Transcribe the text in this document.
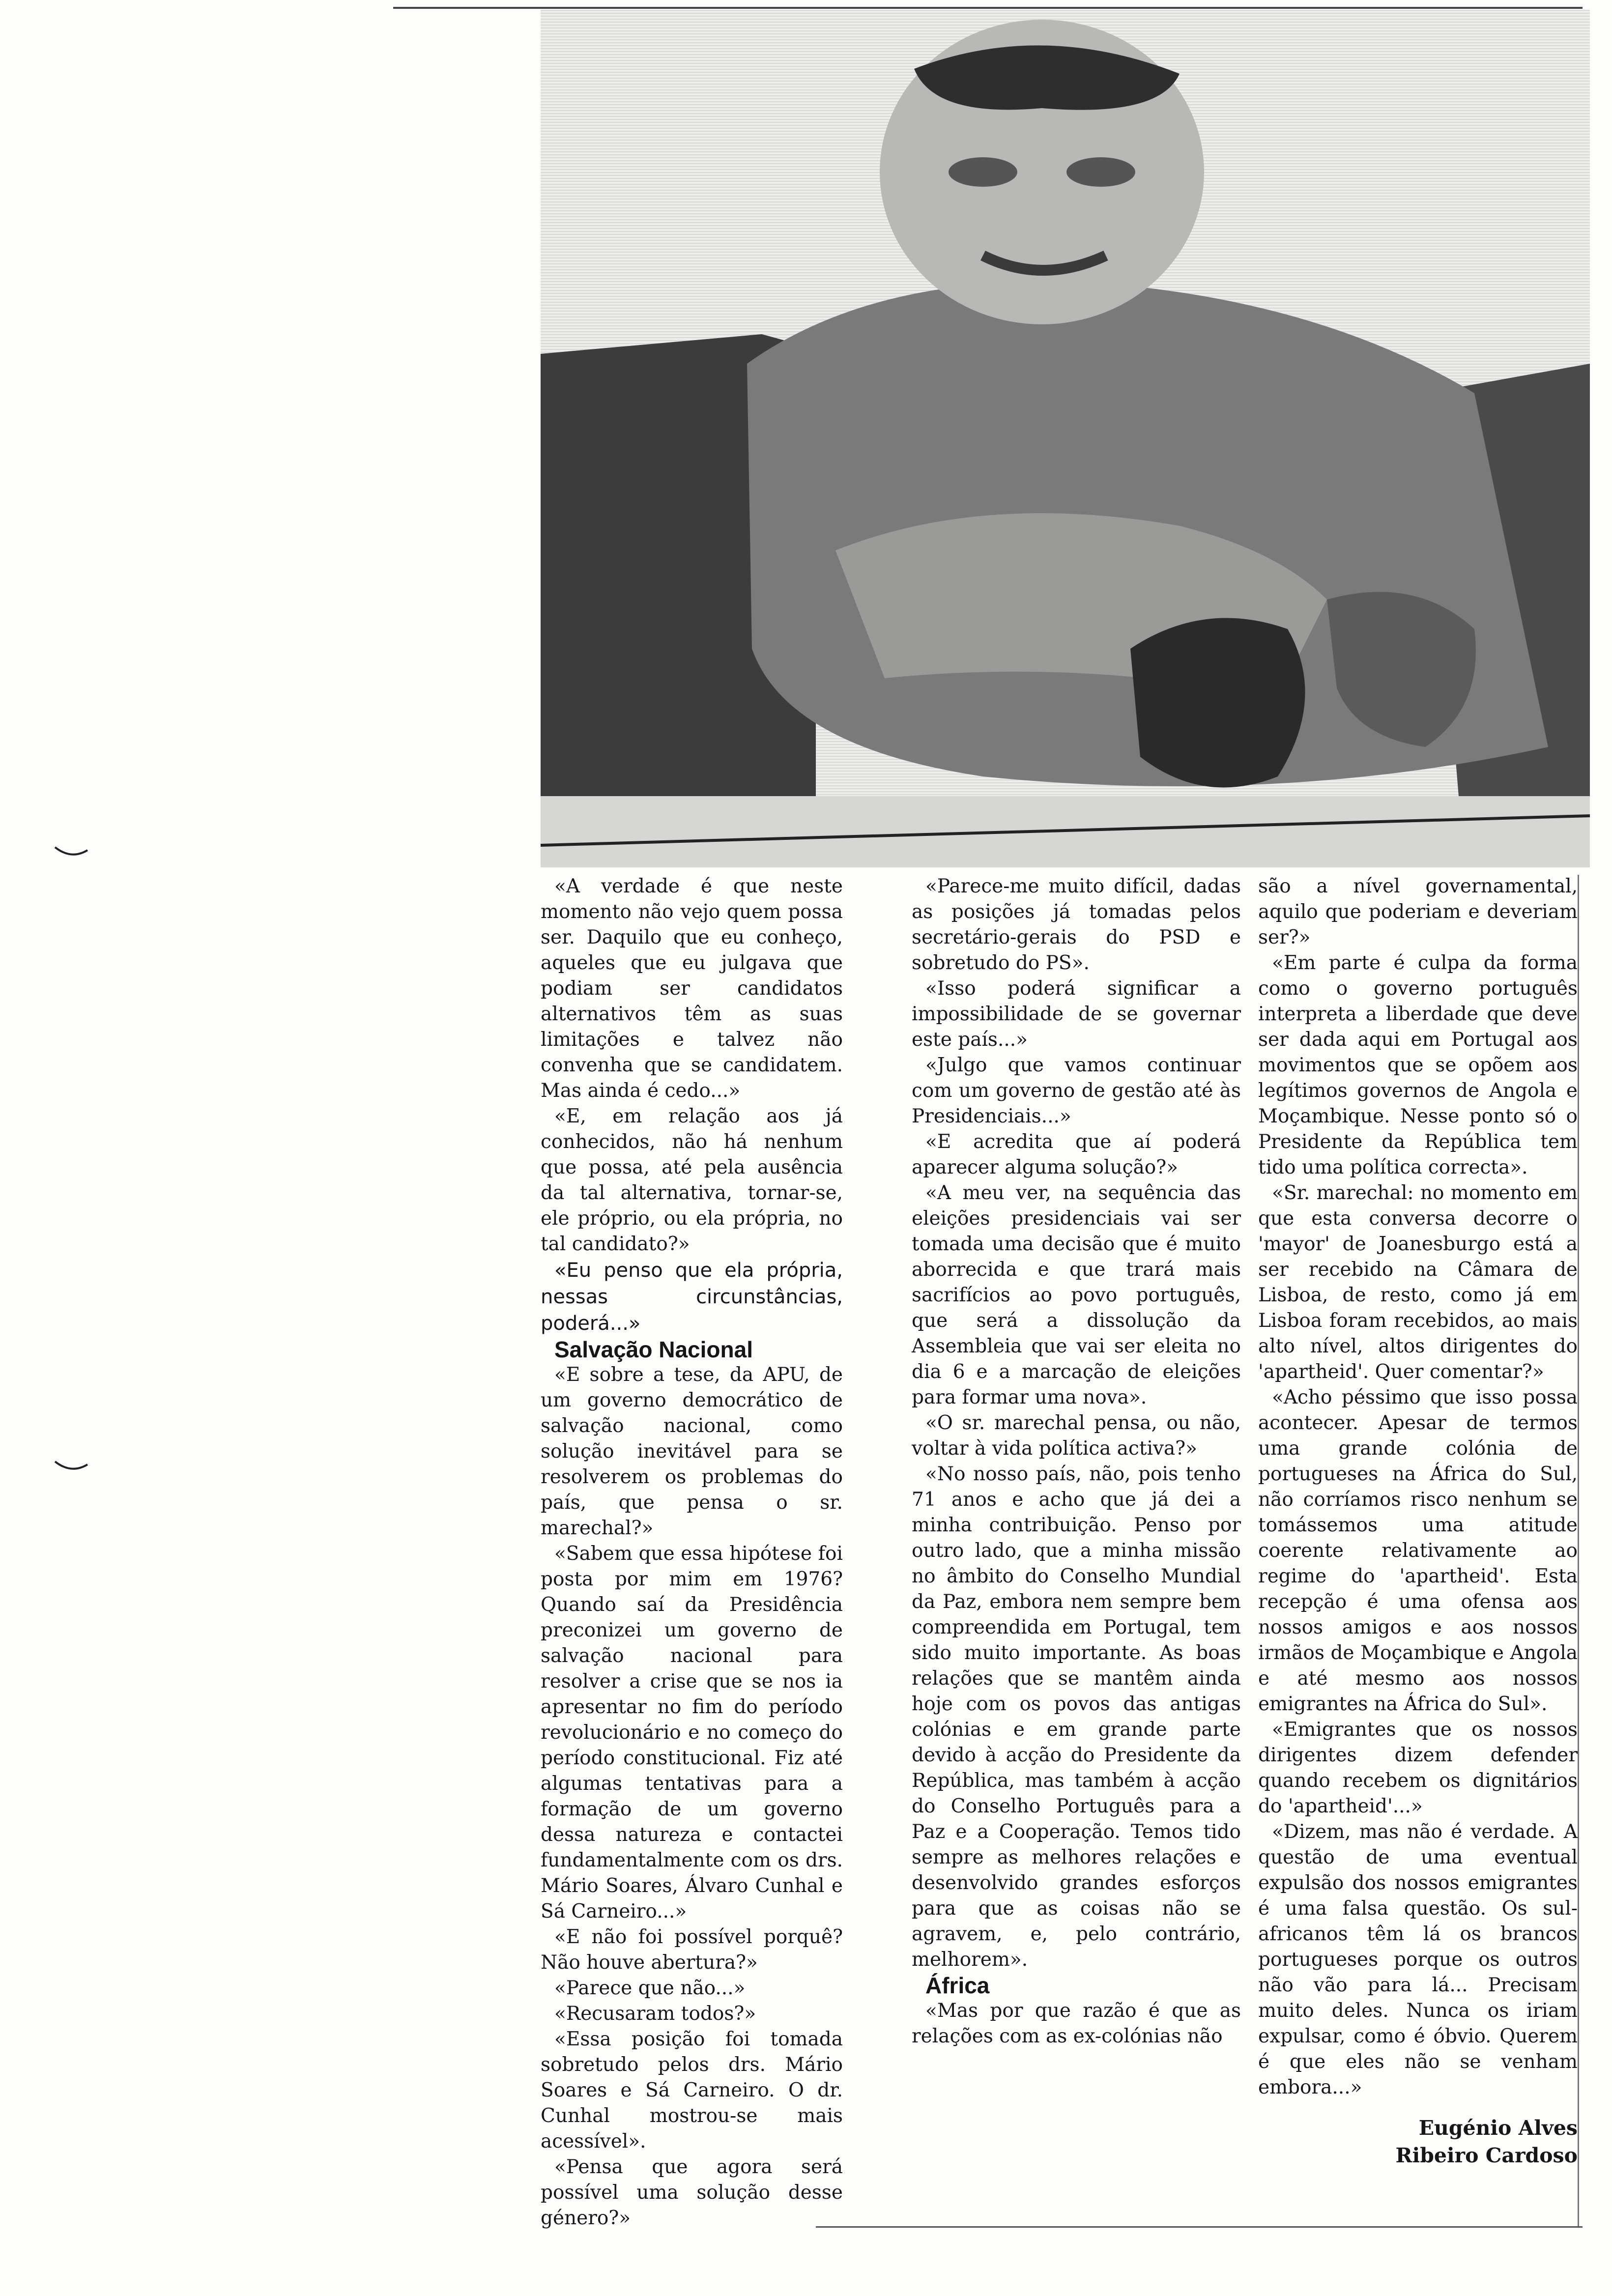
«A verdade é que neste momento não vejo quem possa ser. Daquilo que eu conheço, aqueles que eu julgava que podiam ser candidatos alternativos têm as suas limitações e talvez não convenha que se candidatem. Mas ainda é cedo...»

«E, em relação aos já conhecidos, não há nenhum que possa, até pela ausência da tal alternativa, tornar-se, ele próprio, ou ela própria, no tal candidato?»

«Eu penso que ela própria, nessas circunstâncias, poderá...»

Salvação Nacional

«E sobre a tese, da APU, de um governo democrático de salvação nacional, como solução inevitável para se resolverem os problemas do país, que pensa o sr. marechal?»

«Sabem que essa hipótese foi posta por mim em 1976? Quando saí da Presidência preconizei um governo de salvação nacional para resolver a crise que se nos ia apresentar no fim do período revolucionário e no começo do período constitucional. Fiz até algumas tentativas para a formação de um governo dessa natureza e contactei fundamentalmente com os drs. Mário Soares, Álvaro Cunhal e Sá Carneiro...»

«E não foi possível porquê? Não houve abertura?»

«Parece que não...»

«Recusaram todos?»

«Essa posição foi tomada sobretudo pelos drs. Mário Soares e Sá Carneiro. O dr. Cunhal mostrou-se mais acessível».

«Pensa que agora será possível uma solução desse género?»

«Parece-me muito difícil, dadas as posições já tomadas pelos secretário-gerais do PSD e sobretudo do PS».

«Isso poderá significar a impossibilidade de se governar este país...»

«Julgo que vamos continuar com um governo de gestão até às Presidenciais...»

«E acredita que aí poderá aparecer alguma solução?»

«A meu ver, na sequência das eleições presidenciais vai ser tomada uma decisão que é muito aborrecida e que trará mais sacrifícios ao povo português, que será a dissolução da Assembleia que vai ser eleita no dia 6 e a marcação de eleições para formar uma nova».

«O sr. marechal pensa, ou não, voltar à vida política activa?»

«No nosso país, não, pois tenho 71 anos e acho que já dei a minha contribuição. Penso por outro lado, que a minha missão no âmbito do Conselho Mundial da Paz, embora nem sempre bem compreendida em Portugal, tem sido muito importante. As boas relações que se mantêm ainda hoje com os povos das antigas colónias e em grande parte devido à acção do Presidente da República, mas também à acção do Conselho Português para a Paz e a Cooperação. Temos tido sempre as melhores relações e desenvolvido grandes esforços para que as coisas não se agravem, e, pelo contrário, melhorem».

África

«Mas por que razão é que as relações com as ex-colónias não

são a nível governamental, aquilo que poderiam e deveriam ser?»

«Em parte é culpa da forma como o governo português interpreta a liberdade que deve ser dada aqui em Portugal aos movimentos que se opõem aos legítimos governos de Angola e Moçambique. Nesse ponto só o Presidente da República tem tido uma política correcta».

«Sr. marechal: no momento em que esta conversa decorre o 'mayor' de Joanesburgo está a ser recebido na Câmara de Lisboa, de resto, como já em Lisboa foram recebidos, ao mais alto nível, altos dirigentes do 'apartheid'. Quer comentar?»

«Acho péssimo que isso possa acontecer. Apesar de termos uma grande colónia de portugueses na África do Sul, não corríamos risco nenhum se tomássemos uma atitude coerente relativamente ao regime do 'apartheid'. Esta recepção é uma ofensa aos nossos amigos e aos nossos irmãos de Moçambique e Angola e até mesmo aos nossos emigrantes na África do Sul».

«Emigrantes que os nossos dirigentes dizem defender quando recebem os dignitários do 'apartheid'...»

«Dizem, mas não é verdade. A questão de uma eventual expulsão dos nossos emigrantes é uma falsa questão. Os sul-africanos têm lá os brancos portugueses porque os outros não vão para lá... Precisam muito deles. Nunca os iriam expulsar, como é óbvio. Querem é que eles não se venham embora...»

Eugénio Alves
Ribeiro Cardoso
